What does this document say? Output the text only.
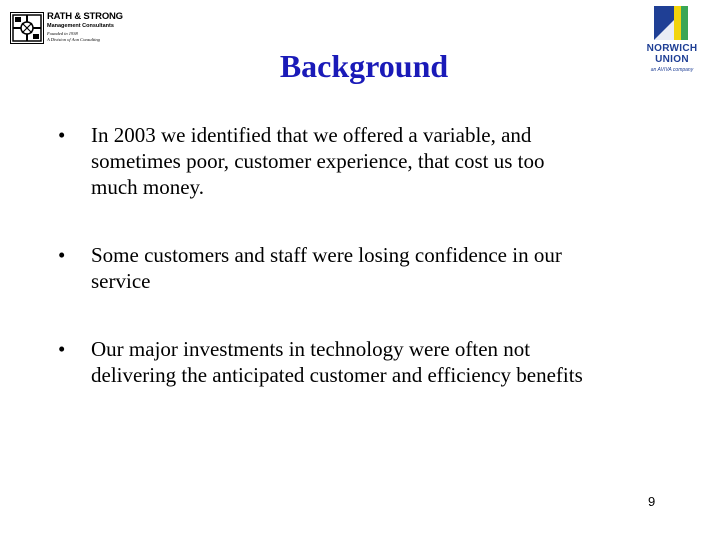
RATH & STRONG
Management Consultants
Founded in 1938
A Division of Aon Consulting
NORWICH
UNION
an AVIVA company
Background
• In 2003 we identified that we offered a variable, and
sometimes poor, customer experience, that cost us too
much money.
• Some customers and staff were losing confidence in our
service
• Our major investments in technology were often not
delivering the anticipated customer and efficiency benefits
9
